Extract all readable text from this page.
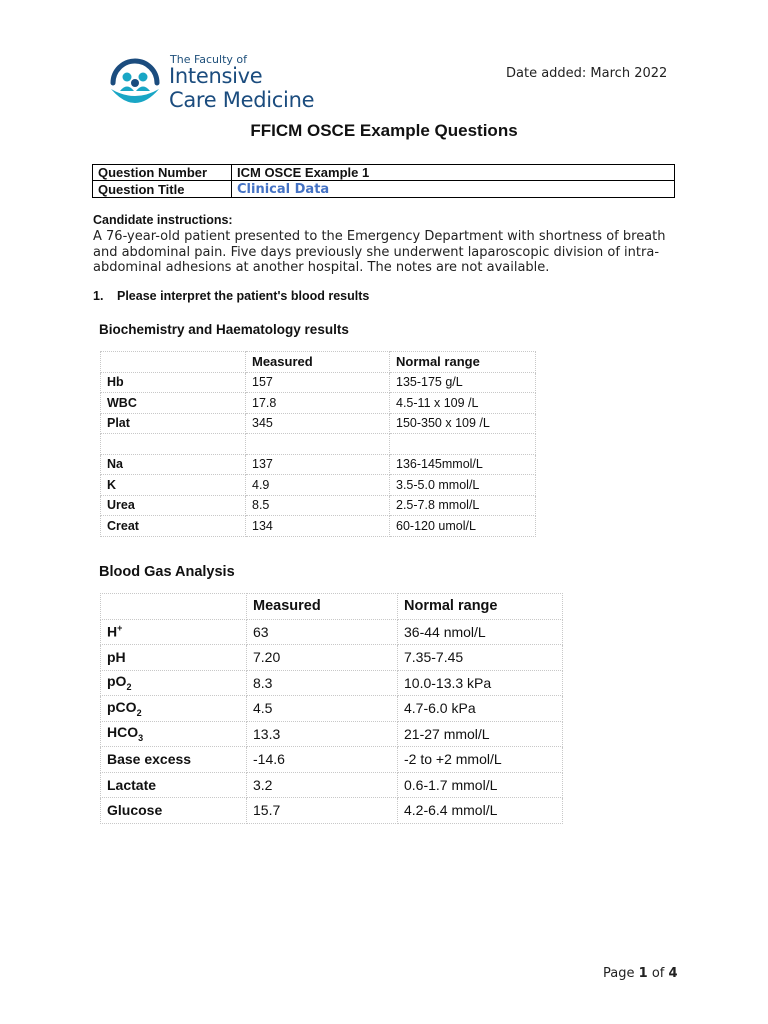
The Faculty of
Intensive
Care Medicine
Date added: March 2022
FFICM OSCE Example Questions
Question Number	ICM OSCE Example 1
Question Title	Clinical Data
Candidate instructions:
A 76-year-old patient presented to the Emergency Department with shortness of breath and abdominal pain. Five days previously she underwent laparoscopic division of intra-abdominal adhesions at another hospital. The notes are not available.
1. Please interpret the patient's blood results
Biochemistry and Haematology results
	Measured	Normal range
Hb	157	135-175 g/L
WBC	17.8	4.5-11 x 109 /L
Plat	345	150-350 x 109 /L

Na	137	136-145mmol/L
K	4.9	3.5-5.0 mmol/L
Urea	8.5	2.5-7.8 mmol/L
Creat	134	60-120 umol/L
Blood Gas Analysis
	Measured	Normal range
H+	63	36-44 nmol/L
pH	7.20	7.35-7.45
$pO_2$	8.3	10.0-13.3 kPa
pCO$_2$	4.5	4.7-6.0 kPa
$HCO_3$	13.3	21-27 mmol/L
Base excess	-14.6	-2 to +2 mmol/L
Lactate	3.2	0.6-1.7 mmol/L
Glucose	15.7	4.2-6.4 mmol/L
Page 1 of 4
